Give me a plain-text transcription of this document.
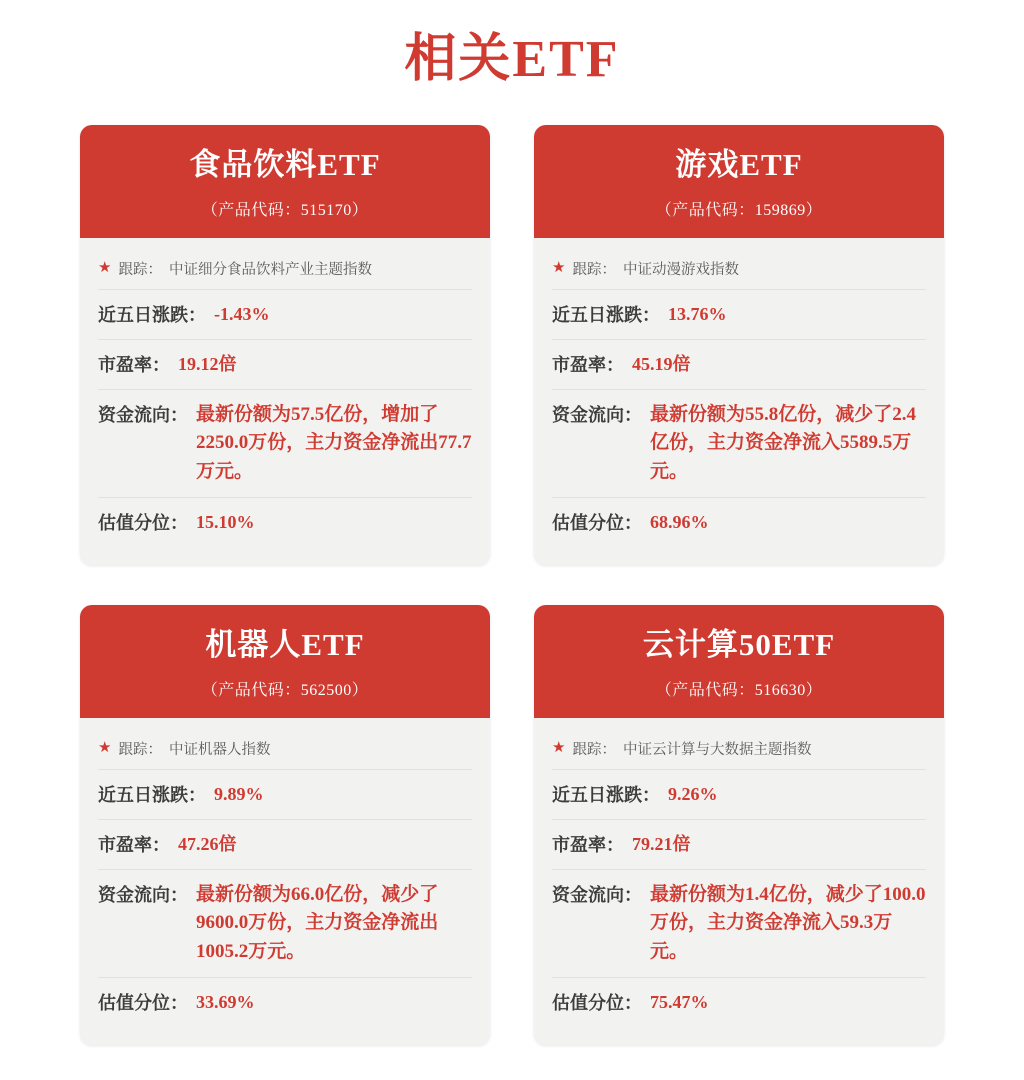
相关ETF
食品饮料ETF
（产品代码：515170）
★ 跟踪： 中证细分食品饮料产业主题指数
近五日涨跌： -1.43%
市盈率： 19.12倍
资金流向： 最新份额为57.5亿份，增加了2250.0万份，主力资金净流出77.7万元。
估值分位： 15.10%
游戏ETF
（产品代码：159869）
★ 跟踪： 中证动漫游戏指数
近五日涨跌： 13.76%
市盈率： 45.19倍
资金流向： 最新份额为55.8亿份，减少了2.4亿份，主力资金净流入5589.5万元。
估值分位： 68.96%
机器人ETF
（产品代码：562500）
★ 跟踪： 中证机器人指数
近五日涨跌： 9.89%
市盈率： 47.26倍
资金流向： 最新份额为66.0亿份，减少了9600.0万份，主力资金净流出1005.2万元。
估值分位： 33.69%
云计算50ETF
（产品代码：516630）
★ 跟踪： 中证云计算与大数据主题指数
近五日涨跌： 9.26%
市盈率： 79.21倍
资金流向： 最新份额为1.4亿份，减少了100.0万份，主力资金净流入59.3万元。
估值分位： 75.47%
